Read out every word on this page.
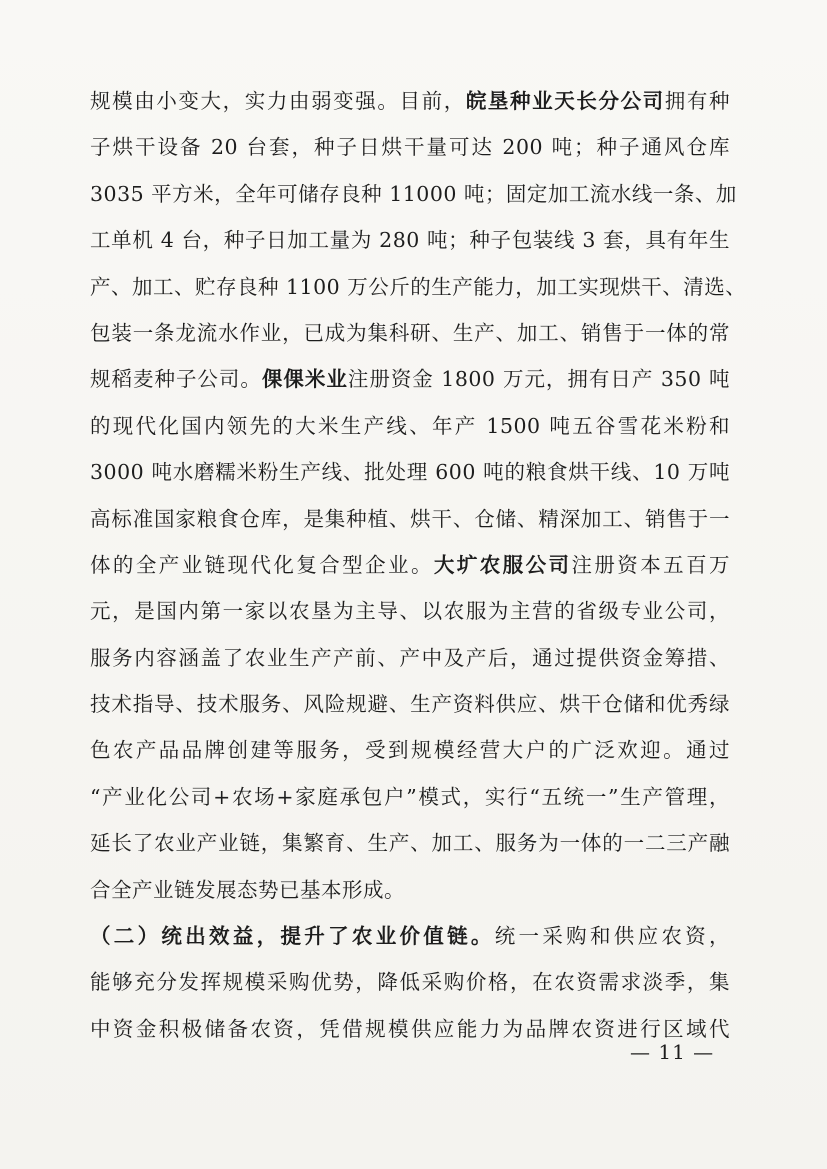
规模由小变大，实力由弱变强。目前，皖垦种业天长分公司拥有种
子烘干设备 20 台套，种子日烘干量可达 200 吨；种子通风仓库
3035 平方米，全年可储存良种 11000 吨；固定加工流水线一条、加
工单机 4 台，种子日加工量为 280 吨；种子包装线 3 套，具有年生
产、加工、贮存良种 1100 万公斤的生产能力，加工实现烘干、清选、
包装一条龙流水作业，已成为集科研、生产、加工、销售于一体的常
规稻麦种子公司。倮倮米业注册资金 1800 万元，拥有日产 350 吨
的现代化国内领先的大米生产线、年产 1500 吨五谷雪花米粉和
3000 吨水磨糯米粉生产线、批处理 600 吨的粮食烘干线、10 万吨
高标准国家粮食仓库，是集种植、烘干、仓储、精深加工、销售于一
体的全产业链现代化复合型企业。大圹农服公司注册资本五百万
元，是国内第一家以农垦为主导、以农服为主营的省级专业公司，
服务内容涵盖了农业生产产前、产中及产后，通过提供资金筹措、
技术指导、技术服务、风险规避、生产资料供应、烘干仓储和优秀绿
色农产品品牌创建等服务，受到规模经营大户的广泛欢迎。通过
“产业化公司+农场+家庭承包户”模式，实行“五统一”生产管理，
延长了农业产业链，集繁育、生产、加工、服务为一体的一二三产融
合全产业链发展态势已基本形成。
（二）统出效益，提升了农业价值链。统一采购和供应农资，
能够充分发挥规模采购优势，降低采购价格，在农资需求淡季，集
中资金积极储备农资，凭借规模供应能力为品牌农资进行区域代
— 11 —
